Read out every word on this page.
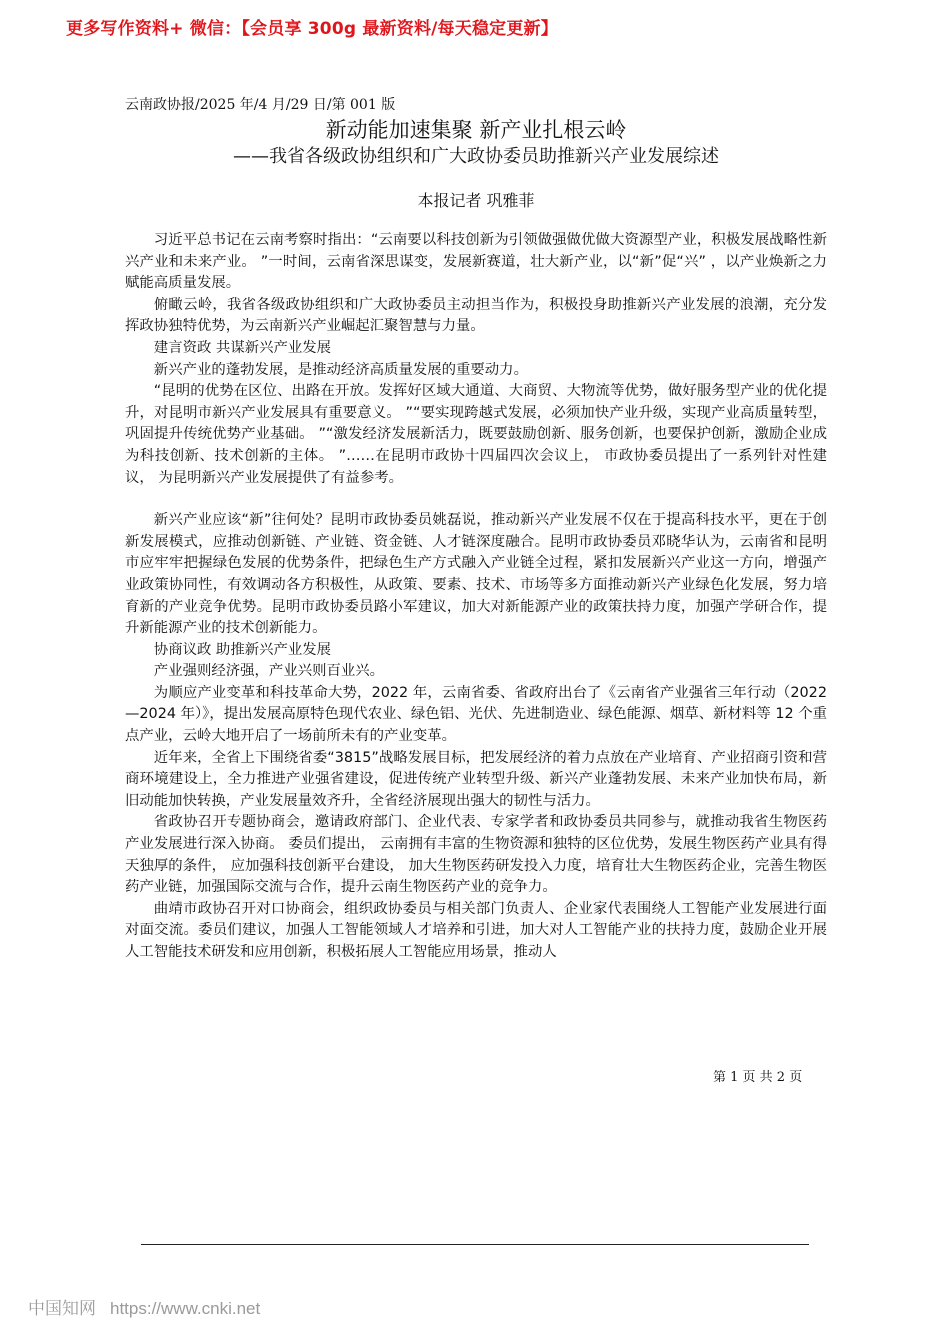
更多写作资料+ 微信：【会员享 300g 最新资料/每天稳定更新】
云南政协报/2025 年/4 月/29 日/第 001 版
新动能加速集聚 新产业扎根云岭
——我省各级政协组织和广大政协委员助推新兴产业发展综述
本报记者 巩雅菲

习近平总书记在云南考察时指出：“云南要以科技创新为引领做强做优做大资源型产业，积极发展战略性新兴产业和未来产业。 ”一时间，云南省深思谋变，发展新赛道，壮大新产业，以“新”促“兴” ，以产业焕新之力赋能高质量发展。

俯瞰云岭，我省各级政协组织和广大政协委员主动担当作为，积极投身助推新兴产业发展的浪潮，充分发挥政协独特优势，为云南新兴产业崛起汇聚智慧与力量。

建言资政 共谋新兴产业发展

新兴产业的蓬勃发展，是推动经济高质量发展的重要动力。

“昆明的优势在区位、出路在开放。发挥好区域大通道、大商贸、大物流等优势，做好服务型产业的优化提升，对昆明市新兴产业发展具有重要意义。 ”“要实现跨越式发展，必须加快产业升级，实现产业高质量转型，巩固提升传统优势产业基础。 ”“激发经济发展新活力，既要鼓励创新、服务创新，也要保护创新，激励企业成为科技创新、技术创新的主体。 ”……在昆明市政协十四届四次会议上， 市政协委员提出了一系列针对性建议， 为昆明新兴产业发展提供了有益参考。

新兴产业应该“新”往何处？昆明市政协委员姚磊说，推动新兴产业发展不仅在于提高科技水平，更在于创新发展模式，应推动创新链、产业链、资金链、人才链深度融合。昆明市政协委员邓晓华认为，云南省和昆明市应牢牢把握绿色发展的优势条件，把绿色生产方式融入产业链全过程，紧扣发展新兴产业这一方向，增强产业政策协同性，有效调动各方积极性，从政策、要素、技术、市场等多方面推动新兴产业绿色化发展，努力培育新的产业竞争优势。昆明市政协委员路小军建议，加大对新能源产业的政策扶持力度，加强产学研合作，提升新能源产业的技术创新能力。

协商议政 助推新兴产业发展

产业强则经济强，产业兴则百业兴。

为顺应产业变革和科技革命大势，2022 年，云南省委、省政府出台了《云南省产业强省三年行动（2022—2024 年）》，提出发展高原特色现代农业、绿色铝、光伏、先进制造业、绿色能源、烟草、新材料等 12 个重点产业，云岭大地开启了一场前所未有的产业变革。

近年来，全省上下围绕省委“3815”战略发展目标，把发展经济的着力点放在产业培育、产业招商引资和营商环境建设上，全力推进产业强省建设，促进传统产业转型升级、新兴产业蓬勃发展、未来产业加快布局，新旧动能加快转换，产业发展量效齐升，全省经济展现出强大的韧性与活力。

省政协召开专题协商会，邀请政府部门、企业代表、专家学者和政协委员共同参与，就推动我省生物医药产业发展进行深入协商。 委员们提出， 云南拥有丰富的生物资源和独特的区位优势，发展生物医药产业具有得天独厚的条件， 应加强科技创新平台建设， 加大生物医药研发投入力度，培育壮大生物医药企业，完善生物医药产业链，加强国际交流与合作，提升云南生物医药产业的竞争力。

曲靖市政协召开对口协商会，组织政协委员与相关部门负责人、企业家代表围绕人工智能产业发展进行面对面交流。委员们建议，加强人工智能领域人才培养和引进，加大对人工智能产业的扶持力度，鼓励企业开展人工智能技术研发和应用创新，积极拓展人工智能应用场景，推动人

第 1 页 共 2 页
中国知网 https://www.cnki.net
